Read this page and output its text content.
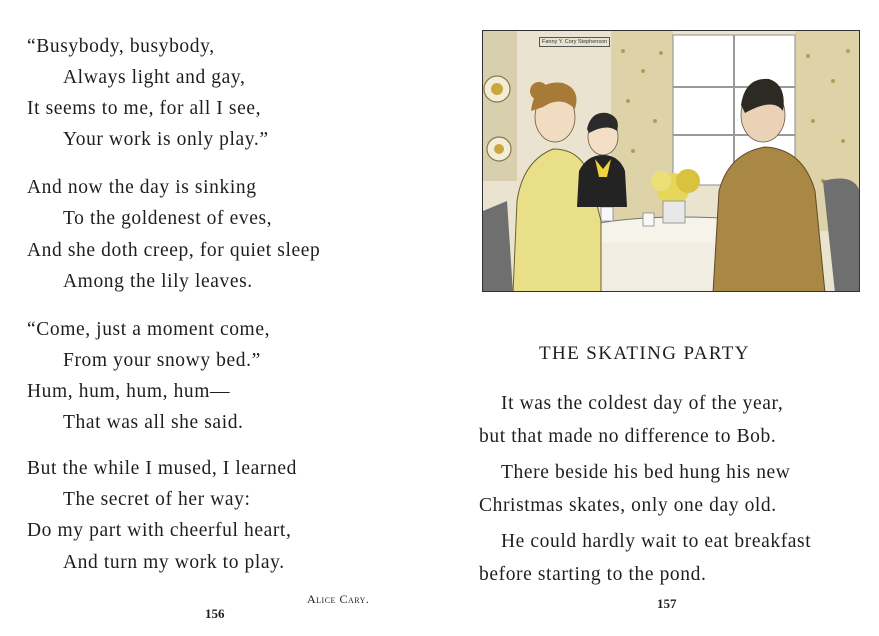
“Busybody, busybody,
Always light and gay,
It seems to me, for all I see,
Your work is only play.”
And now the day is sinking
To the goldenest of eves,
And she doth creep, for quiet sleep
Among the lily leaves.
“Come, just a moment come,
From your snowy bed.”
Hum, hum, hum, hum—
That was all she said.
But the while I mused, I learned
The secret of her way:
Do my part with cheerful heart,
And turn my work to play.
Alice Cary.
156
Fanny Y. Cory Stephenson
THE SKATING PARTY
It was the coldest day of the year,
but that made no difference to Bob.
There beside his bed hung his new
Christmas skates, only one day old.
He could hardly wait to eat breakfast
before starting to the pond.
157
